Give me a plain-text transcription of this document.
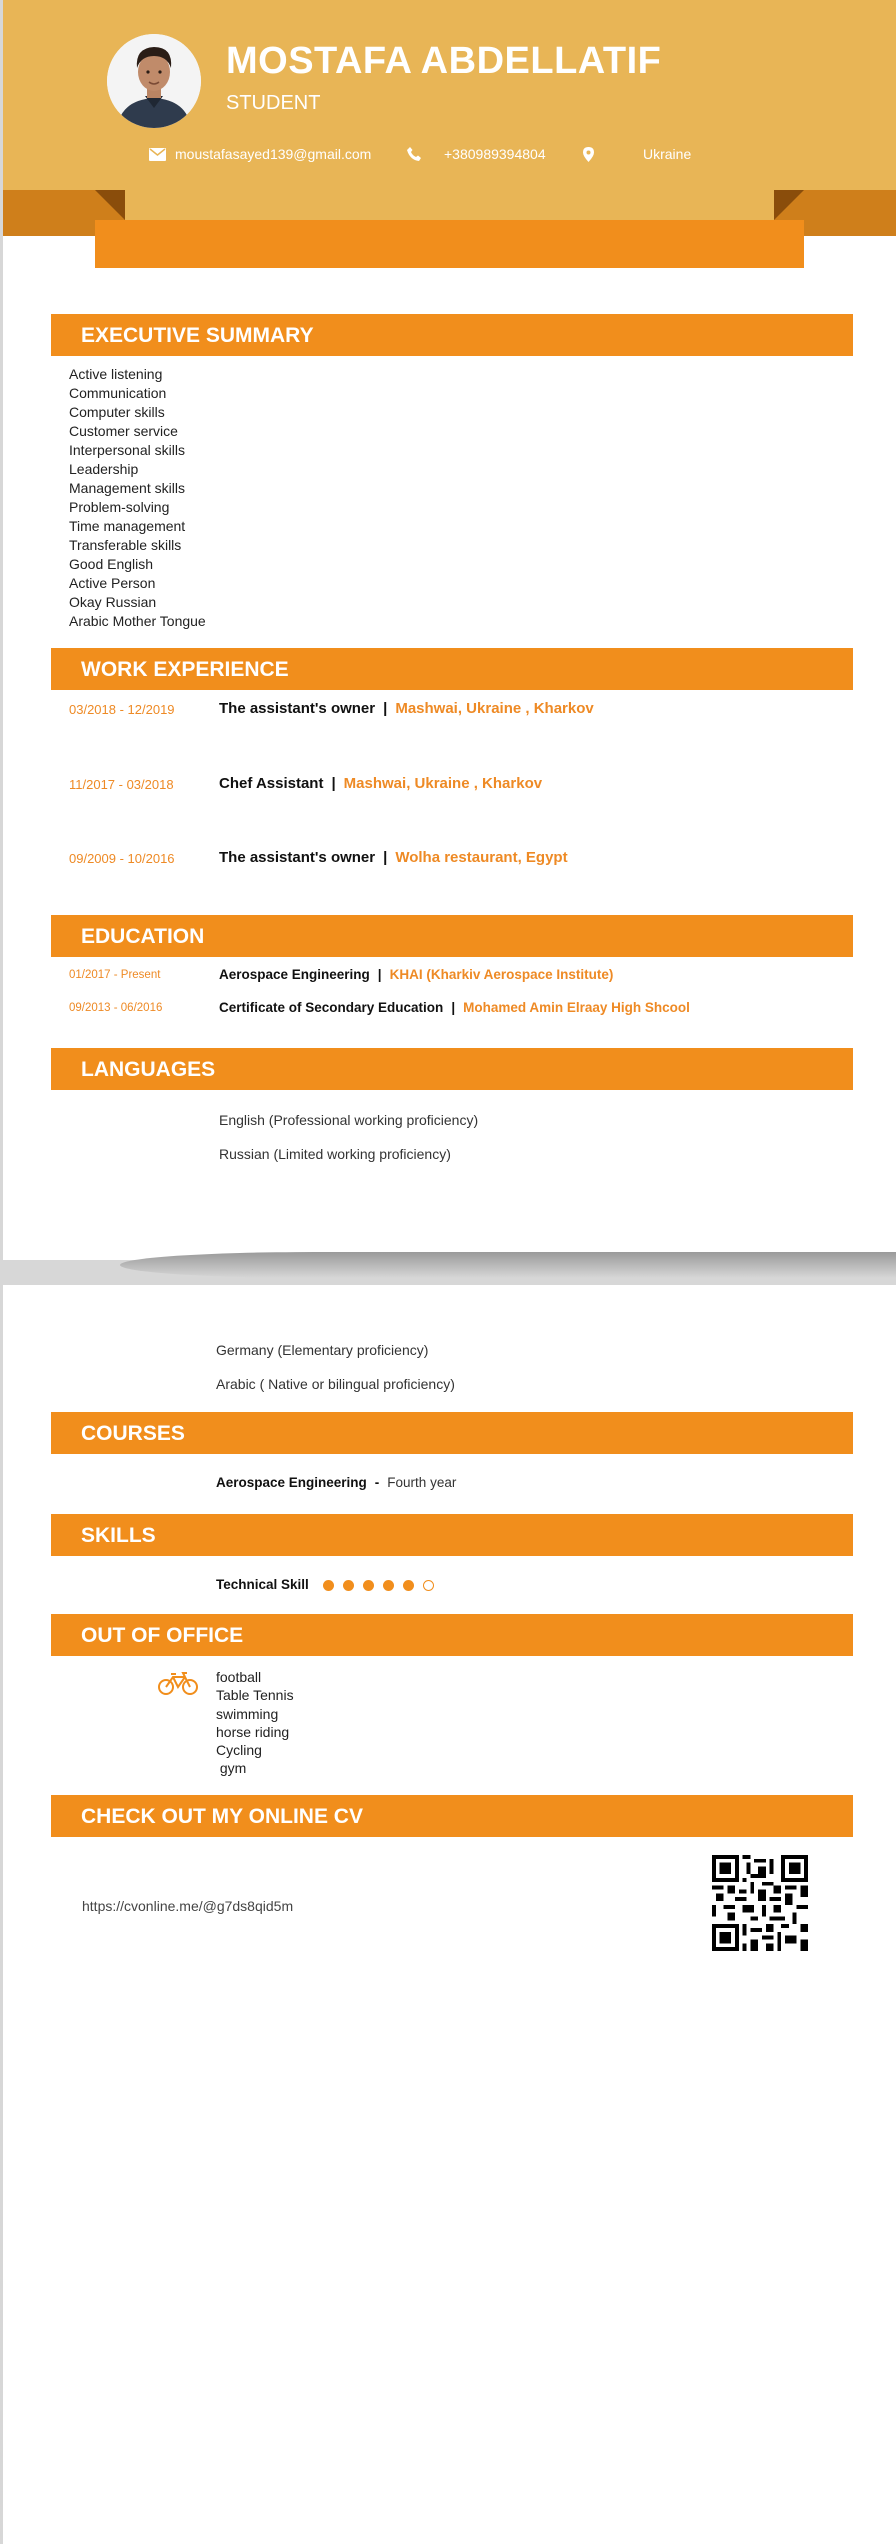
MOSTAFA ABDELLATIF
STUDENT
moustafasayed139@gmail.com	+380989394804	Ukraine
EXECUTIVE SUMMARY
Active listening
Communication
Computer skills
Customer service
Interpersonal skills
Leadership
Management skills
Problem-solving
Time management
Transferable skills
Good English
Active Person
Okay Russian
Arabic Mother Tongue
WORK EXPERIENCE
03/2018 - 12/2019	The assistant's owner | Mashwai, Ukraine , Kharkov
11/2017 - 03/2018	Chef Assistant | Mashwai, Ukraine , Kharkov
09/2009 - 10/2016	The assistant's owner | Wolha restaurant, Egypt
EDUCATION
01/2017 - Present	Aerospace Engineering | KHAI (Kharkiv Aerospace Institute)
09/2013 - 06/2016	Certificate of Secondary Education | Mohamed Amin Elraay High Shcool
LANGUAGES
English (Professional working proficiency)
Russian (Limited working proficiency)
Germany (Elementary proficiency)
Arabic ( Native or bilingual proficiency)
COURSES
Aerospace Engineering - Fourth year
SKILLS
Technical Skill
OUT OF OFFICE
football
Table Tennis
swimming
horse riding
Cycling
gym
CHECK OUT MY ONLINE CV
https://cvonline.me/@g7ds8qid5m
